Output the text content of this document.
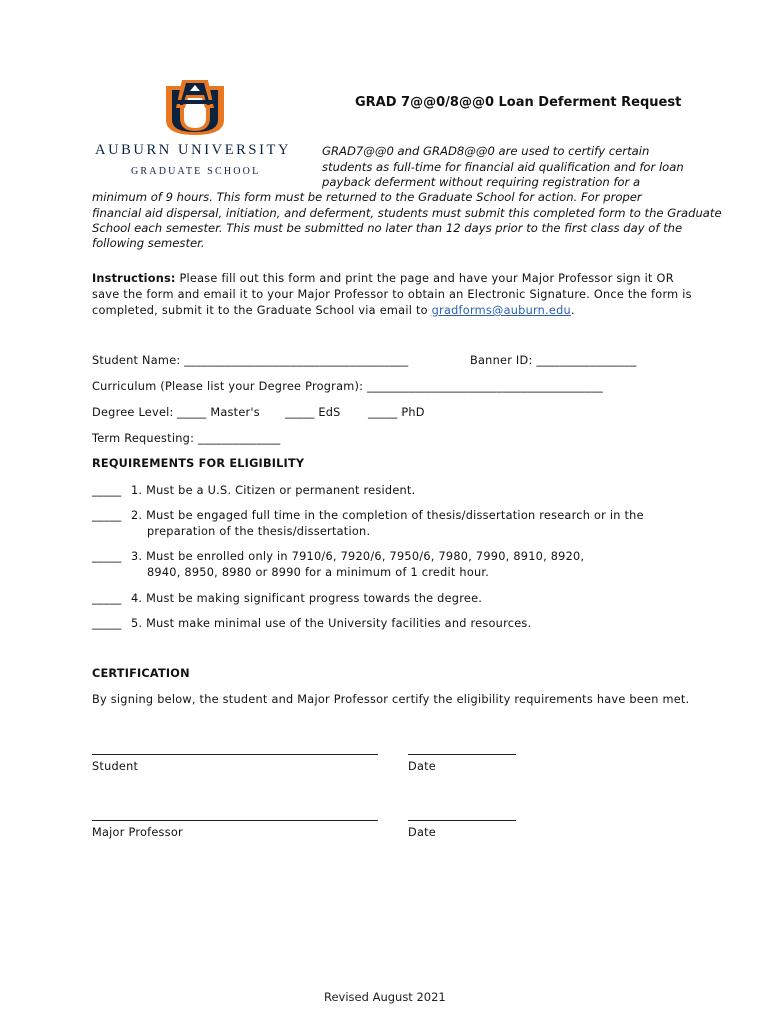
AUBURN UNIVERSITY
GRADUATE SCHOOL
GRAD 7@@0/8@@0 Loan Deferment Request
GRAD7@@0 and GRAD8@@0 are used to certify certain
students as full-time for financial aid qualification and for loan
payback deferment without requiring registration for a
minimum of 9 hours. This form must be returned to the Graduate School for action. For proper
financial aid dispersal, initiation, and deferment, students must submit this completed form to the Graduate
School each semester. This must be submitted no later than 12 days prior to the first class day of the
following semester.
Instructions: Please fill out this form and print the page and have your Major Professor sign it OR
save the form and email it to your Major Professor to obtain an Electronic Signature. Once the form is
completed, submit it to the Graduate School via email to gradforms@auburn.edu.
Student Name: ______________________________________	Banner ID: _________________
Curriculum (Please list your Degree Program): ________________________________________
Degree Level: _____ Master's _____ EdS _____ PhD
Term Requesting: ______________
REQUIREMENTS FOR ELIGIBILITY
_____ 1. Must be a U.S. Citizen or permanent resident.
_____ 2. Must be engaged full time in the completion of thesis/dissertation research or in the
preparation of the thesis/dissertation.
_____ 3. Must be enrolled only in 7910/6, 7920/6, 7950/6, 7980, 7990, 8910, 8920,
8940, 8950, 8980 or 8990 for a minimum of 1 credit hour.
_____ 4. Must be making significant progress towards the degree.
_____ 5. Must make minimal use of the University facilities and resources.
CERTIFICATION
By signing below, the student and Major Professor certify the eligibility requirements have been met.
Student	Date
Major Professor	Date
Revised August 2021
